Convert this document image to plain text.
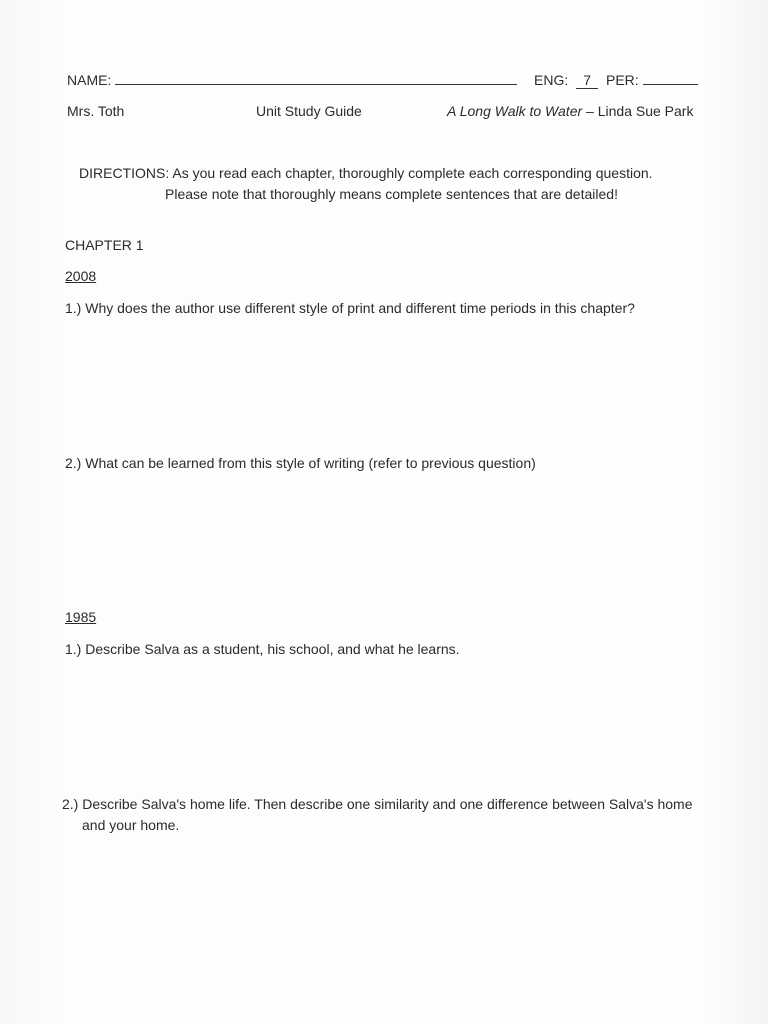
NAME:	ENG: 7	PER:
Mrs. Toth	Unit Study Guide	A Long Walk to Water – Linda Sue Park
DIRECTIONS: As you read each chapter, thoroughly complete each corresponding question.
Please note that thoroughly means complete sentences that are detailed!
CHAPTER 1
2008
1.) Why does the author use different style of print and different time periods in this chapter?
2.) What can be learned from this style of writing (refer to previous question)
1985
1.) Describe Salva as a student, his school, and what he learns.
2.) Describe Salva's home life. Then describe one similarity and one difference between Salva's home
and your home.
